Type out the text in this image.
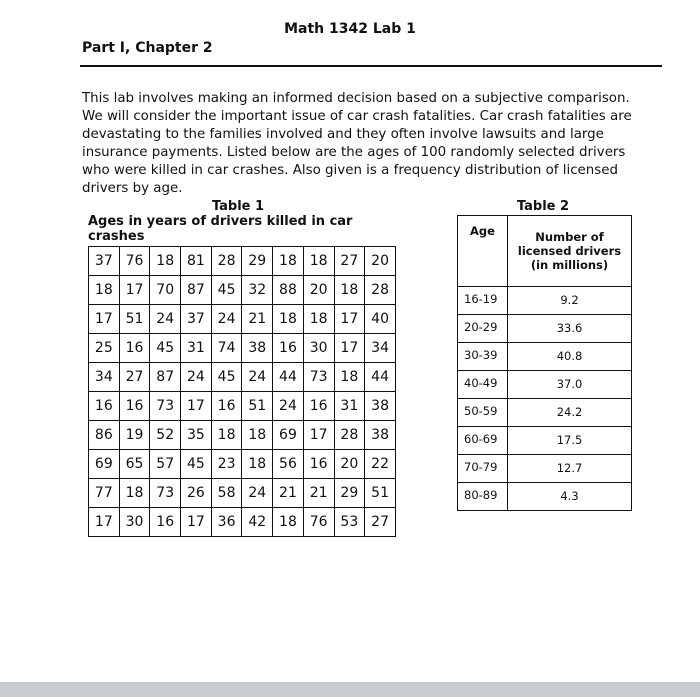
Math 1342 Lab 1
Part I, Chapter 2

This lab involves making an informed decision based on a subjective comparison. We will consider the important issue of car crash fatalities. Car crash fatalities are devastating to the families involved and they often involve lawsuits and large insurance payments. Listed below are the ages of 100 randomly selected drivers who were killed in car crashes. Also given is a frequency distribution of licensed drivers by age.

Table 1
Ages in years of drivers killed in car crashes
37	76	18	81	28	29	18	18	27	20
18	17	70	87	45	32	88	20	18	28
17	51	24	37	24	21	18	18	17	40
25	16	45	31	74	38	16	30	17	34
34	27	87	24	45	24	44	73	18	44
16	16	73	17	16	51	24	16	31	38
86	19	52	35	18	18	69	17	28	38
69	65	57	45	23	18	56	16	20	22
77	18	73	26	58	24	21	21	29	51
17	30	16	17	36	42	18	76	53	27
Table 2
Age	Number of licensed drivers (in millions)
16-19	9.2
20-29	33.6
30-39	40.8
40-49	37.0
50-59	24.2
60-69	17.5
70-79	12.7
80-89	4.3
